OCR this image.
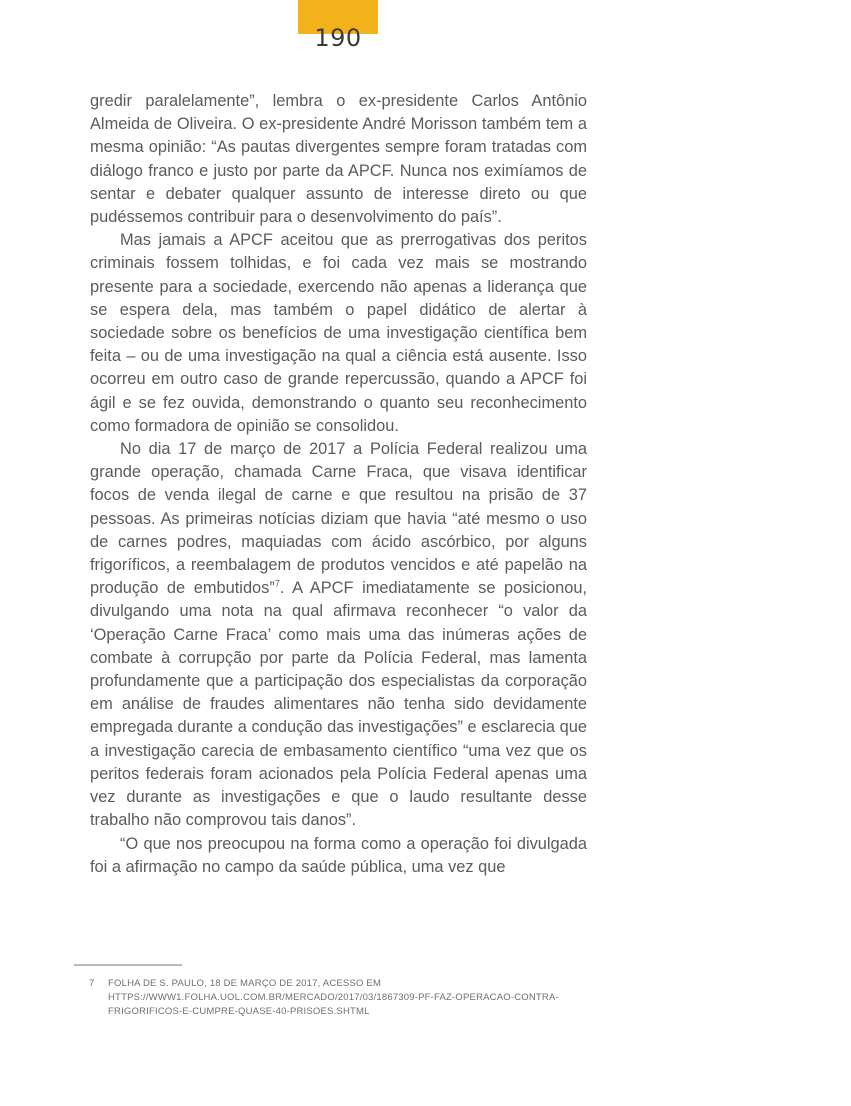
190

gredir paralelamente”, lembra o ex-presidente Carlos Antônio Almeida de Oliveira. O ex-presidente André Morisson também tem a mesma opinião: “As pautas divergentes sempre foram tratadas com diálogo franco e justo por parte da APCF. Nunca nos eximíamos de sentar e debater qualquer assunto de interesse direto ou que pudéssemos contribuir para o desenvolvimento do país”.

Mas jamais a APCF aceitou que as prerrogativas dos peritos criminais fossem tolhidas, e foi cada vez mais se mostrando presente para a sociedade, exercendo não apenas a liderança que se espera dela, mas também o papel didático de alertar à sociedade sobre os benefícios de uma investigação científica bem feita – ou de uma investigação na qual a ciência está ausente. Isso ocorreu em outro caso de grande repercussão, quando a APCF foi ágil e se fez ouvida, demonstrando o quanto seu reconhecimento como formadora de opinião se consolidou.

No dia 17 de março de 2017 a Polícia Federal realizou uma grande operação, chamada Carne Fraca, que visava identificar focos de venda ilegal de carne e que resultou na prisão de 37 pessoas. As primeiras notícias diziam que havia “até mesmo o uso de carnes podres, maquiadas com ácido ascórbico, por alguns frigoríficos, a reembalagem de produtos vencidos e até papelão na produção de embutidos”$^7$. A APCF imediatamente se posicionou, divulgando uma nota na qual afirmava reconhecer “o valor da ‘Operação Carne Fraca’ como mais uma das inúmeras ações de combate à corrupção por parte da Polícia Federal, mas lamenta profundamente que a participação dos especialistas da corporação em análise de fraudes alimentares não tenha sido devidamente empregada durante a condução das investigações” e esclarecia que a investigação carecia de embasamento científico “uma vez que os peritos federais foram acionados pela Polícia Federal apenas uma vez durante as investigações e que o laudo resultante desse trabalho não comprovou tais danos”.

“O que nos preocupou na forma como a operação foi divulgada foi a afirmação no campo da saúde pública, uma vez que

7	FOLHA DE S. PAULO, 18 DE MARÇO DE 2017, ACESSO EM HTTPS://WWW1.FOLHA.UOL.COM.BR/MERCADO/2017/03/1867309-PF-FAZ-OPERACAO-CONTRA-FRIGORIFICOS-E-CUMPRE-QUASE-40-PRISOES.SHTML
